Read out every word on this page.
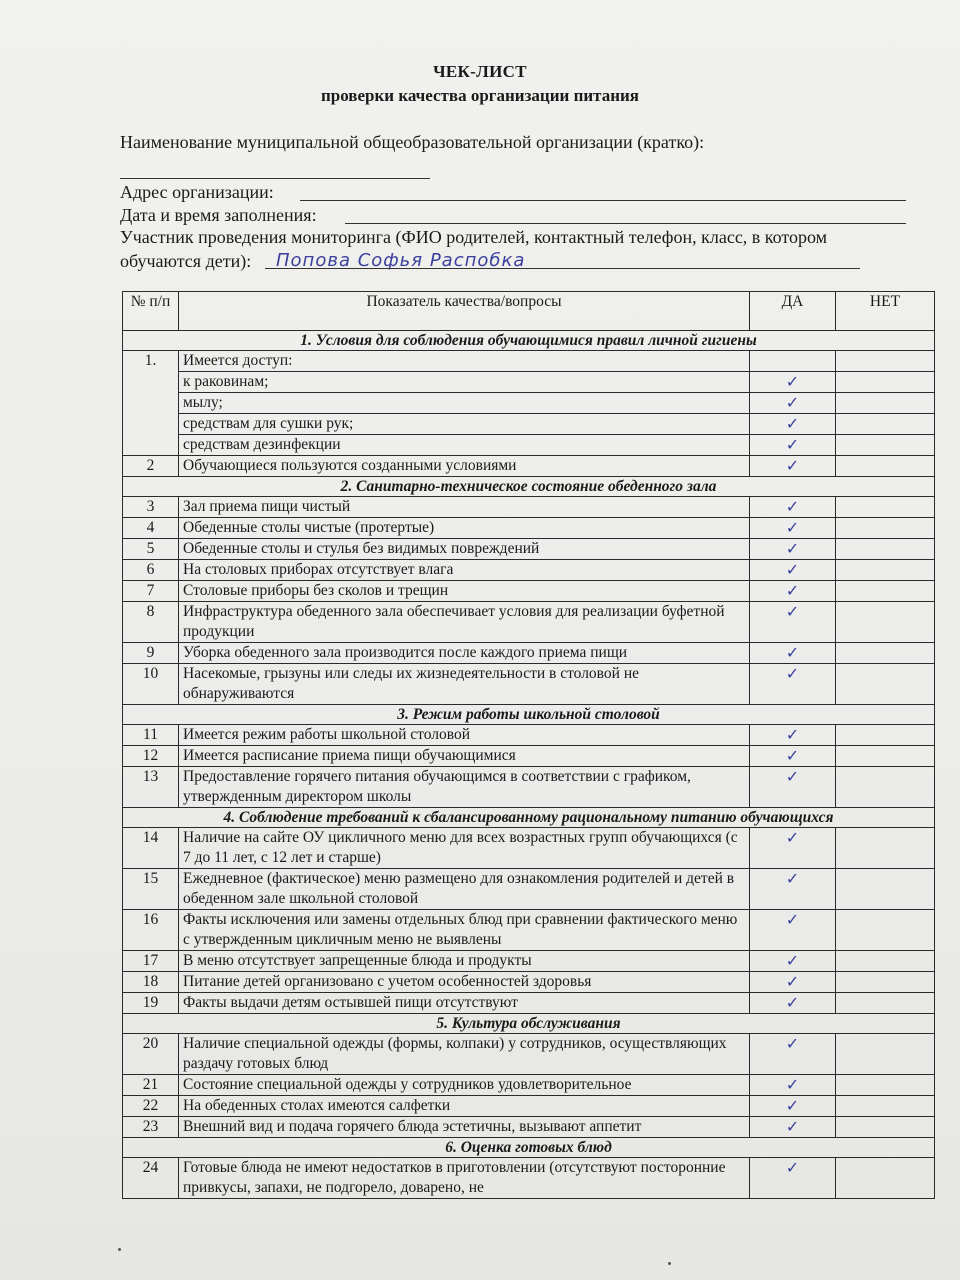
ЧЕК-ЛИСТ
проверки качества организации питания
Наименование муниципальной общеобразовательной организации (кратко):
Адрес организации:
Дата и время заполнения:
Участник проведения мониторинга (ФИО родителей, контактный телефон, класс, в котором
обучаются дети): Попова Софья Распобка
№ п/п	Показатель качества/вопросы	ДА	НЕТ
1. Условия для соблюдения обучающимися правил личной гигиены			
1.	Имеется доступ:		
	к раковинам;	✓	
	мылу;	✓	
	средствам для сушки рук;	✓	
	средствам дезинфекции	✓	
2	Обучающиеся пользуются созданными условиями	✓	
2. Санитарно-техническое состояние обеденного зала			
3	Зал приема пищи чистый	✓	
4	Обеденные столы чистые (протертые)	✓	
5	Обеденные столы и стулья без видимых повреждений	✓	
6	На столовых приборах отсутствует влага	✓	
7	Столовые приборы без сколов и трещин	✓	
8	Инфраструктура обеденного зала обеспечивает условия для реализации буфетной продукции	✓	
9	Уборка обеденного зала производится после каждого приема пищи	✓	
10	Насекомые, грызуны или следы их жизнедеятельности в столовой не обнаруживаются	✓	
3. Режим работы школьной столовой			
11	Имеется режим работы школьной столовой	✓	
12	Имеется расписание приема пищи обучающимися	✓	
13	Предоставление горячего питания обучающимся в соответствии с графиком, утвержденным директором школы	✓	
4. Соблюдение требований к сбалансированному рациональному питанию обучающихся			
14	Наличие на сайте ОУ цикличного меню для всех возрастных групп обучающихся (с 7 до 11 лет, с 12 лет и старше)	✓	
15	Ежедневное (фактическое) меню размещено для ознакомления родителей и детей в обеденном зале школьной столовой	✓	
16	Факты исключения или замены отдельных блюд при сравнении фактического меню с утвержденным цикличным меню не выявлены	✓	
17	В меню отсутствует запрещенные блюда и продукты	✓	
18	Питание детей организовано с учетом особенностей здоровья	✓	
19	Факты выдачи детям остывшей пищи отсутствуют	✓	
5. Культура обслуживания			
20	Наличие специальной одежды (формы, колпаки) у сотрудников, осуществляющих раздачу готовых блюд	✓	
21	Состояние специальной одежды у сотрудников удовлетворительное	✓	
22	На обеденных столах имеются салфетки	✓	
23	Внешний вид и подача горячего блюда эстетичны, вызывают аппетит	✓	
6. Оценка готовых блюд			
24	Готовые блюда не имеют недостатков в приготовлении (отсутствуют посторонние привкусы, запахи, не подгорело, доварено, не	✓	
